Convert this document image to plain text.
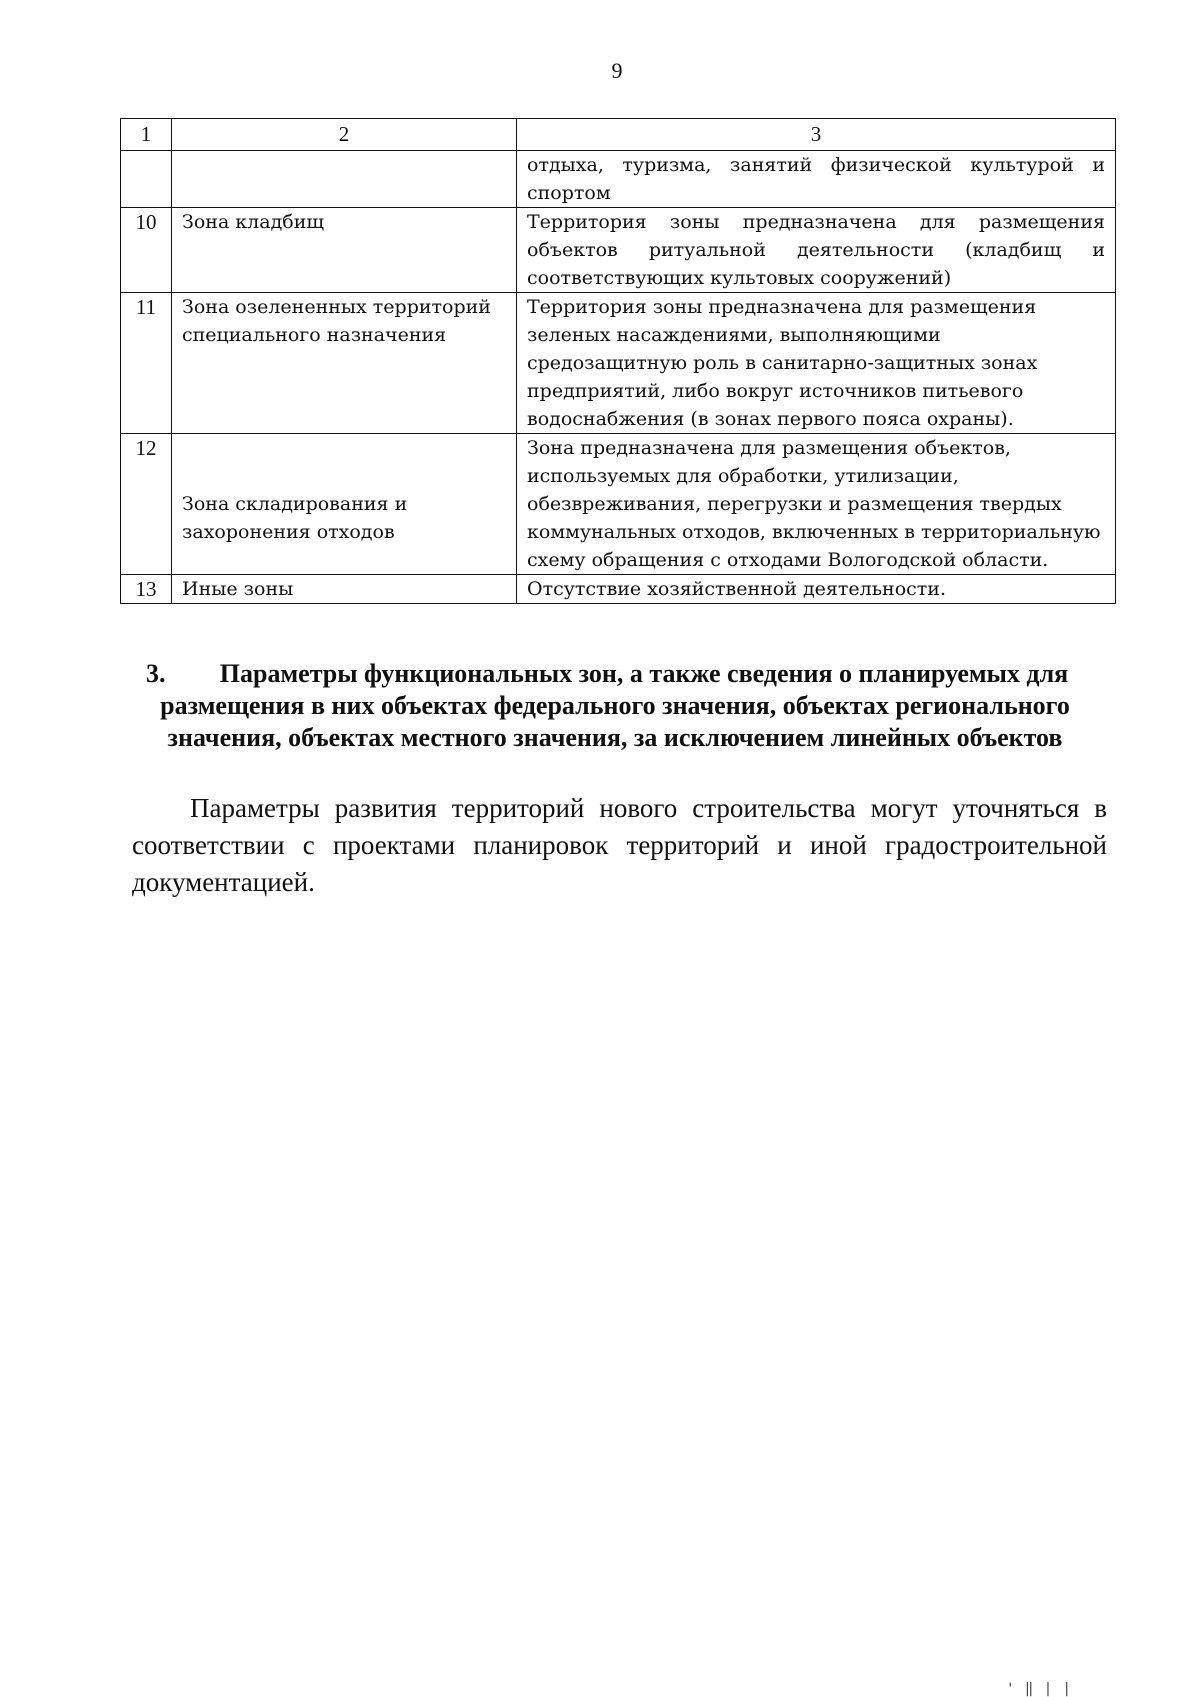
9
1	2	3
		отдыха, туризма, занятий физической культурой и спортом
10	Зона кладбищ	Территория зоны предназначена для размещения объектов ритуальной деятельности (кладбищ и соответствующих культовых сооружений)
11	Зона озелененных территорий специального назначения	Территория зоны предназначена для размещения зеленых насаждениями, выполняющими средозащитную роль в санитарно-защитных зонах предприятий, либо вокруг источников питьевого водоснабжения (в зонах первого пояса охраны).
12	Зона складирования и захоронения отходов	Зона предназначена для размещения объектов, используемых для обработки, утилизации, обезвреживания, перегрузки и размещения твердых коммунальных отходов, включенных в территориальную схему обращения с отходами Вологодской области.
13	Иные зоны	Отсутствие хозяйственной деятельности.
3.	Параметры функциональных зон, а также сведения о планируемых для размещения в них объектах федерального значения, объектах регионального значения, объектах местного значения, за исключением линейных объектов

Параметры развития территорий нового строительства могут уточняться в соответствии с проектами планировок территорий и иной градостроительной документацией.

' ‖ | |
